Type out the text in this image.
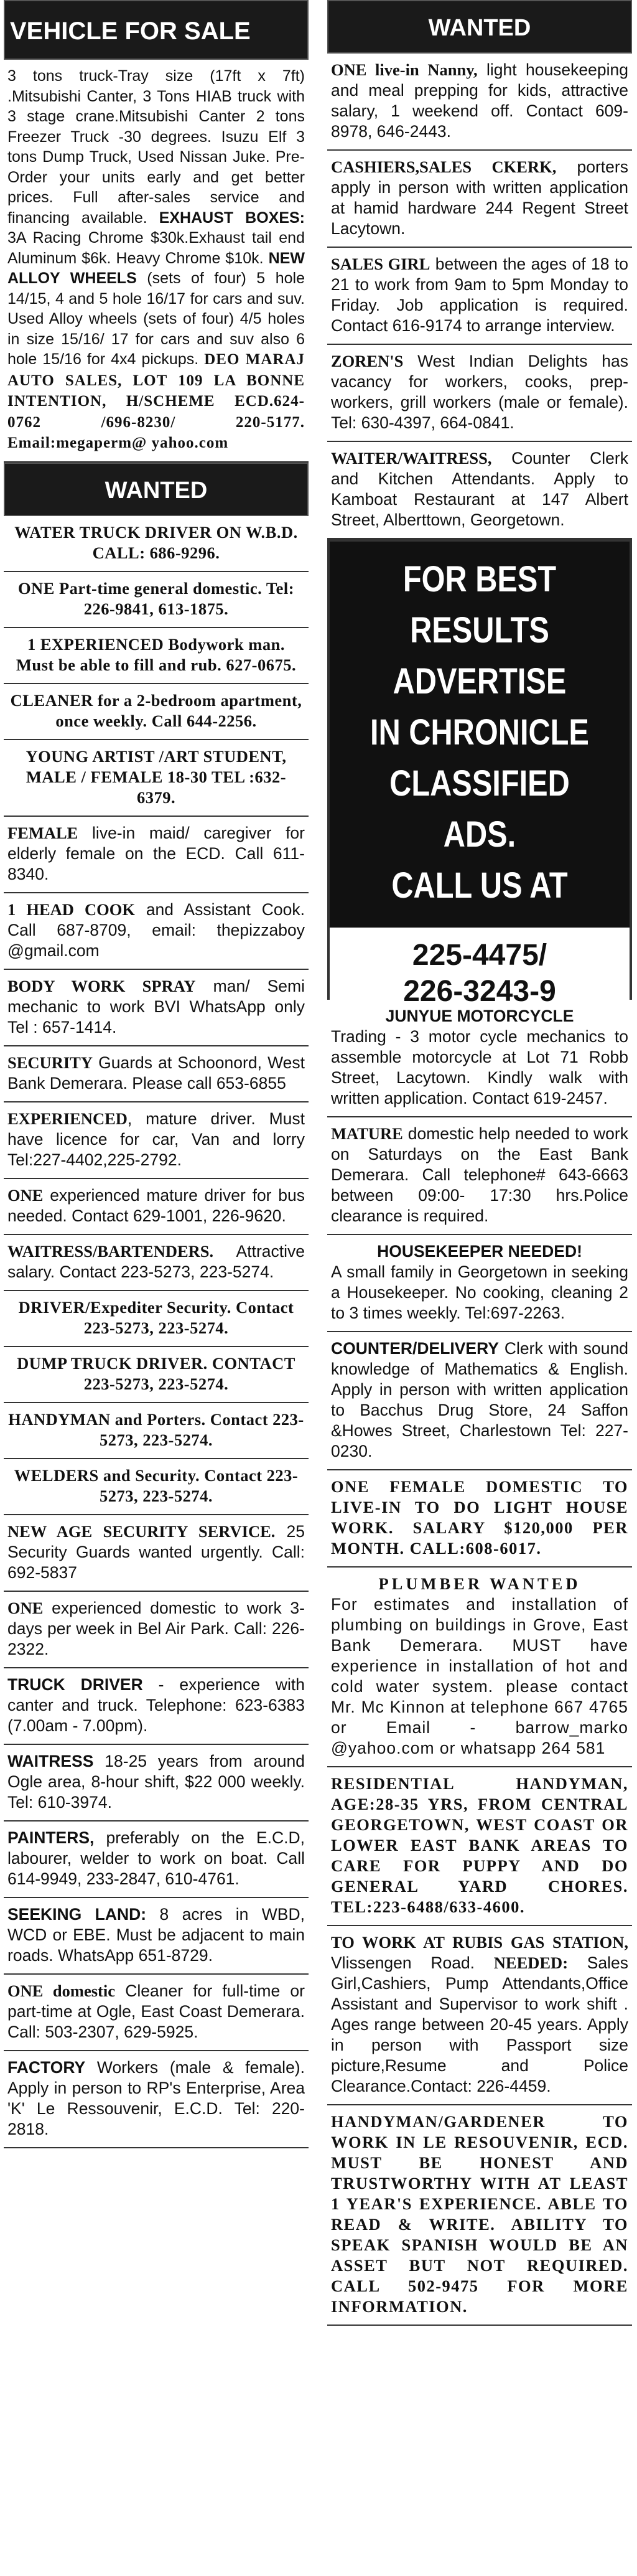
VEHICLE FOR SALE
3 tons truck-Tray size (17ft x 7ft) .Mitsubishi Canter, 3 Tons HIAB truck with 3 stage crane.Mitsubishi Canter 2 tons Freezer Truck -30 degrees. Isuzu Elf 3 tons Dump Truck, Used Nissan Juke. Pre-Order your units early and get better prices. Full after-sales service and financing available. EXHAUST BOXES: 3A Racing Chrome $30k.Exhaust tail end Aluminum $6k. Heavy Chrome $10k. NEW ALLOY WHEELS (sets of four) 5 hole 14/15, 4 and 5 hole 16/17 for cars and suv. Used Alloy wheels (sets of four) 4/5 holes in size 15/16/ 17 for cars and suv also 6 hole 15/16 for 4x4 pickups. DEO MARAJ AUTO SALES, LOT 109 LA BONNE INTENTION, H/SCHEME ECD.624-0762 /696-8230/ 220-5177. Email:megaperm@ yahoo.com
WANTED
WATER TRUCK DRIVER ON W.B.D. CALL: 686-9296.
ONE Part-time general domestic. Tel: 226-9841, 613-1875.
1 EXPERIENCED Bodywork man. Must be able to fill and rub. 627-0675.
CLEANER for a 2-bedroom apartment, once weekly. Call 644-2256.
YOUNG ARTIST /ART STUDENT, MALE / FEMALE 18-30 TEL :632-6379.
FEMALE live-in maid/ caregiver for elderly female on the ECD. Call 611-8340.
1 HEAD COOK and Assistant Cook. Call 687-8709, email: thepizzaboy @gmail.com
BODY WORK SPRAY man/ Semi mechanic to work BVI WhatsApp only Tel : 657-1414.
SECURITY Guards at Schoonord, West Bank Demerara. Please call 653-6855
EXPERIENCED, mature driver. Must have licence for car, Van and lorry Tel:227-4402,225-2792.
ONE experienced mature driver for bus needed. Contact 629-1001, 226-9620.
WAITRESS/BARTENDERS. Attractive salary. Contact 223-5273, 223-5274.
DRIVER/Expediter Security. Contact 223-5273, 223-5274.
DUMP TRUCK DRIVER. CONTACT 223-5273, 223-5274.
HANDYMAN and Porters. Contact 223-5273, 223-5274.
WELDERS and Security. Contact 223-5273, 223-5274.
NEW AGE SECURITY SERVICE. 25 Security Guards wanted urgently. Call: 692-5837
ONE experienced domestic to work 3-days per week in Bel Air Park. Call: 226-2322.
TRUCK DRIVER - experience with canter and truck. Telephone: 623-6383 (7.00am - 7.00pm).
WAITRESS 18-25 years from around Ogle area, 8-hour shift, $22 000 weekly. Tel: 610-3974.
PAINTERS, preferably on the E.C.D, labourer, welder to work on boat. Call 614-9949, 233-2847, 610-4761.
SEEKING LAND: 8 acres in WBD, WCD or EBE. Must be adjacent to main roads. WhatsApp 651-8729.
ONE domestic Cleaner for full-time or part-time at Ogle, East Coast Demerara. Call: 503-2307, 629-5925.
FACTORY Workers (male & female). Apply in person to RP's Enterprise, Area 'K' Le Ressouvenir, E.C.D. Tel: 220-2818.
WANTED
ONE live-in Nanny, light housekeeping and meal prepping for kids, attractive salary, 1 weekend off. Contact 609-8978, 646-2443.
CASHIERS,SALES CKERK, porters apply in person with written application at hamid hardware 244 Regent Street Lacytown.
SALES GIRL between the ages of 18 to 21 to work from 9am to 5pm Monday to Friday. Job application is required. Contact 616-9174 to arrange interview.
ZOREN'S West Indian Delights has vacancy for workers, cooks, prep-workers, grill workers (male or female). Tel: 630-4397, 664-0841.
WAITER/WAITRESS, Counter Clerk and Kitchen Attendants. Apply to Kamboat Restaurant at 147 Albert Street, Alberttown, Georgetown.
FOR BEST RESULTS
ADVERTISE
IN CHRONICLE
CLASSIFIED ADS.
CALL US AT
225-4475/
226-3243-9
JUNYUE MOTORCYCLE
Trading - 3 motor cycle mechanics to assemble motorcycle at Lot 71 Robb Street, Lacytown. Kindly walk with written application. Contact 619-2457.
MATURE domestic help needed to work on Saturdays on the East Bank Demerara. Call telephone# 643-6663 between 09:00- 17:30 hrs.Police clearance is required.
HOUSEKEEPER NEEDED!
A small family in Georgetown in seeking a Housekeeper. No cooking, cleaning 2 to 3 times weekly. Tel:697-2263.
COUNTER/DELIVERY Clerk with sound knowledge of Mathematics & English. Apply in person with written application to Bacchus Drug Store, 24 Saffon &Howes Street, Charlestown Tel: 227-0230.
ONE FEMALE DOMESTIC TO LIVE-IN TO DO LIGHT HOUSE WORK. SALARY $120,000 PER MONTH. CALL:608-6017.
PLUMBER WANTED
For estimates and installation of plumbing on buildings in Grove, East Bank Demerara. MUST have experience in installation of hot and cold water system. please contact Mr. Mc Kinnon at telephone 667 4765 or Email - barrow_marko @yahoo.com or whatsapp 264 581
RESIDENTIAL HANDYMAN, AGE:28-35 YRS, FROM CENTRAL GEORGETOWN, WEST COAST OR LOWER EAST BANK AREAS TO CARE FOR PUPPY AND DO GENERAL YARD CHORES. TEL:223-6488/633-4600.
TO WORK AT RUBIS GAS STATION, Vlissengen Road. NEEDED: Sales Girl,Cashiers, Pump Attendants,Office Assistant and Supervisor to work shift . Ages range between 20-45 years. Apply in person with Passport size picture,Resume and Police Clearance.Contact: 226-4459.
HANDYMAN/GARDENER TO WORK IN LE RESOUVENIR, ECD. MUST BE HONEST AND TRUSTWORTHY WITH AT LEAST 1 YEAR'S EXPERIENCE. ABLE TO READ & WRITE. ABILITY TO SPEAK SPANISH WOULD BE AN ASSET BUT NOT REQUIRED. CALL 502-9475 FOR MORE INFORMATION.
